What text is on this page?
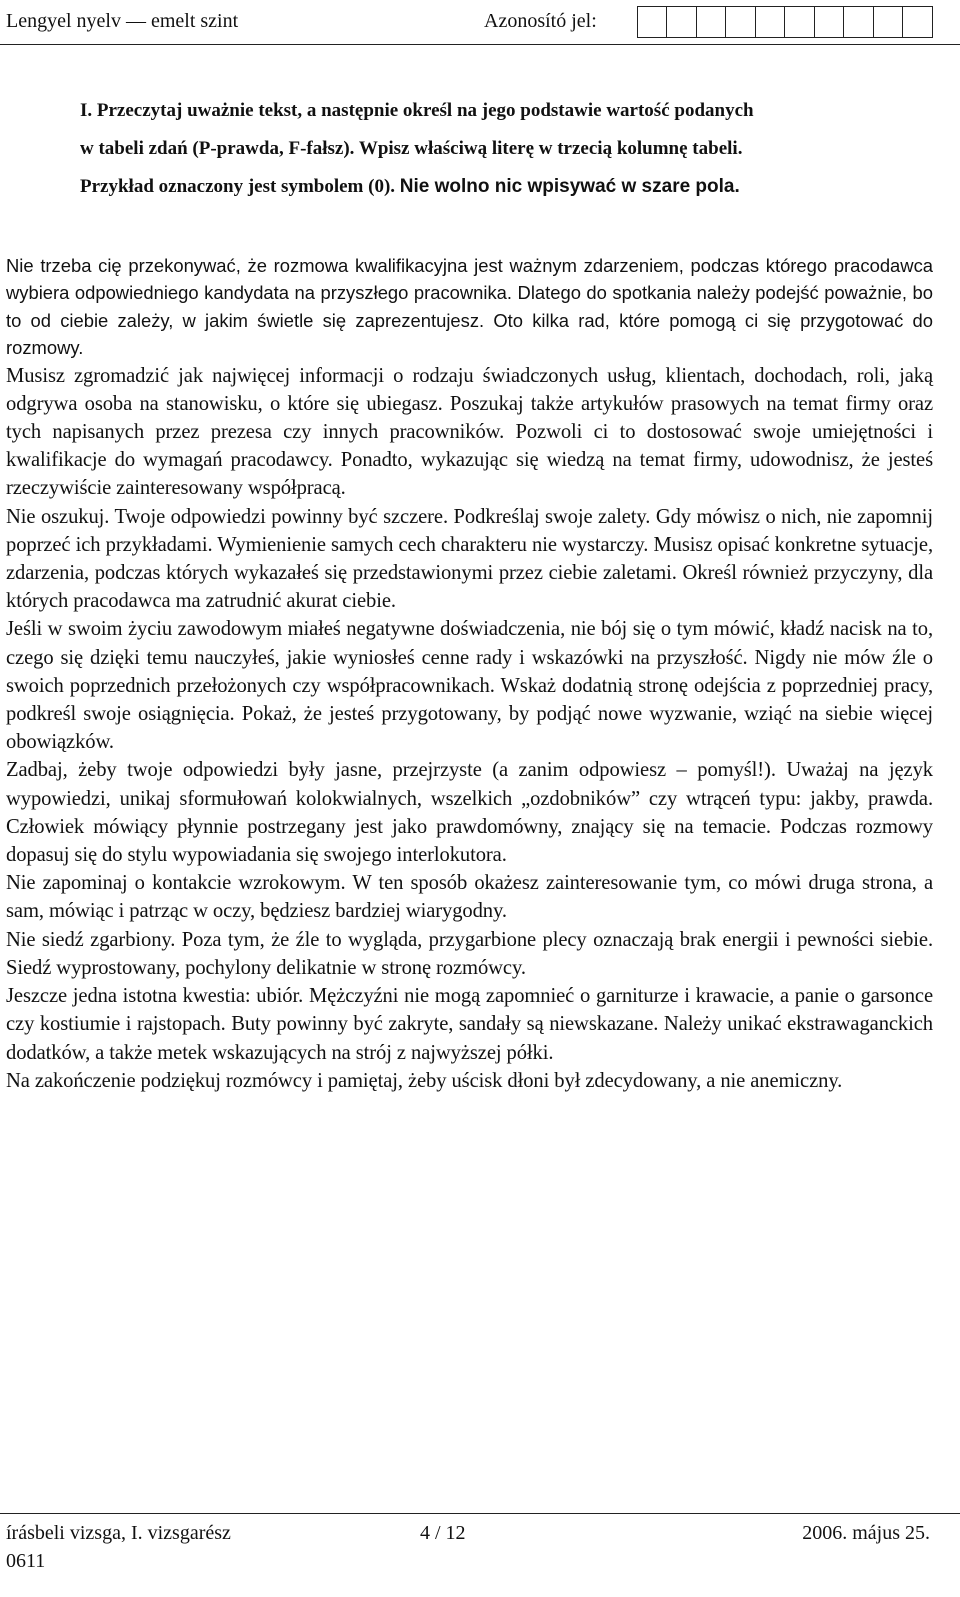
Lengyel nyelv — emelt szint	Azonosító jel:
I. Przeczytaj uważnie tekst, a następnie określ na jego podstawie wartość podanych
w tabeli zdań (P-prawda, F-fałsz). Wpisz właściwą literę w trzecią kolumnę tabeli.
Przykład oznaczony jest symbolem (0). Nie wolno nic wpisywać w szare pola.

Nie trzeba cię przekonywać, że rozmowa kwalifikacyjna jest ważnym zdarzeniem, podczas którego pracodawca wybiera odpowiedniego kandydata na przyszłego pracownika. Dlatego do spotkania należy podejść poważnie, bo to od ciebie zależy, w jakim świetle się zaprezentujesz. Oto kilka rad, które pomogą ci się przygotować do rozmowy.

Musisz zgromadzić jak najwięcej informacji o rodzaju świadczonych usług, klientach, dochodach, roli, jaką odgrywa osoba na stanowisku, o które się ubiegasz. Poszukaj także artykułów prasowych na temat firmy oraz tych napisanych przez prezesa czy innych pracowników. Pozwoli ci to dostosować swoje umiejętności i kwalifikacje do wymagań pracodawcy. Ponadto, wykazując się wiedzą na temat firmy, udowodnisz, że jesteś rzeczywiście zainteresowany współpracą.

Nie oszukuj. Twoje odpowiedzi powinny być szczere. Podkreślaj swoje zalety. Gdy mówisz o nich, nie zapomnij poprzeć ich przykładami. Wymienienie samych cech charakteru nie wystarczy. Musisz opisać konkretne sytuacje, zdarzenia, podczas których wykazałeś się przedstawionymi przez ciebie zaletami. Określ również przyczyny, dla których pracodawca ma zatrudnić akurat ciebie.

Jeśli w swoim życiu zawodowym miałeś negatywne doświadczenia, nie bój się o tym mówić, kładź nacisk na to, czego się dzięki temu nauczyłeś, jakie wyniosłeś cenne rady i wskazówki na przyszłość. Nigdy nie mów źle o swoich poprzednich przełożonych czy współpracownikach. Wskaż dodatnią stronę odejścia z poprzedniej pracy, podkreśl swoje osiągnięcia. Pokaż, że jesteś przygotowany, by podjąć nowe wyzwanie, wziąć na siebie więcej obowiązków.

Zadbaj, żeby twoje odpowiedzi były jasne, przejrzyste (a zanim odpowiesz – pomyśl!). Uważaj na język wypowiedzi, unikaj sformułowań kolokwialnych, wszelkich „ozdobników” czy wtrąceń typu: jakby, prawda. Człowiek mówiący płynnie postrzegany jest jako prawdomówny, znający się na temacie. Podczas rozmowy dopasuj się do stylu wypowiadania się swojego interlokutora.

Nie zapominaj o kontakcie wzrokowym. W ten sposób okażesz zainteresowanie tym, co mówi druga strona, a sam, mówiąc i patrząc w oczy, będziesz bardziej wiarygodny.

Nie siedź zgarbiony. Poza tym, że źle to wygląda, przygarbione plecy oznaczają brak energii i pewności siebie. Siedź wyprostowany, pochylony delikatnie w stronę rozmówcy.

Jeszcze jedna istotna kwestia: ubiór. Mężczyźni nie mogą zapomnieć o garniturze i krawacie, a panie o garsonce czy kostiumie i rajstopach. Buty powinny być zakryte, sandały są niewskazane. Należy unikać ekstrawaganckich dodatków, a także metek wskazujących na strój z najwyższej półki.

Na zakończenie podziękuj rozmówcy i pamiętaj, żeby uścisk dłoni był zdecydowany, a nie anemiczny.

írásbeli vizsga, I. vizsgarész	4 / 12	2006. május 25.
0611
